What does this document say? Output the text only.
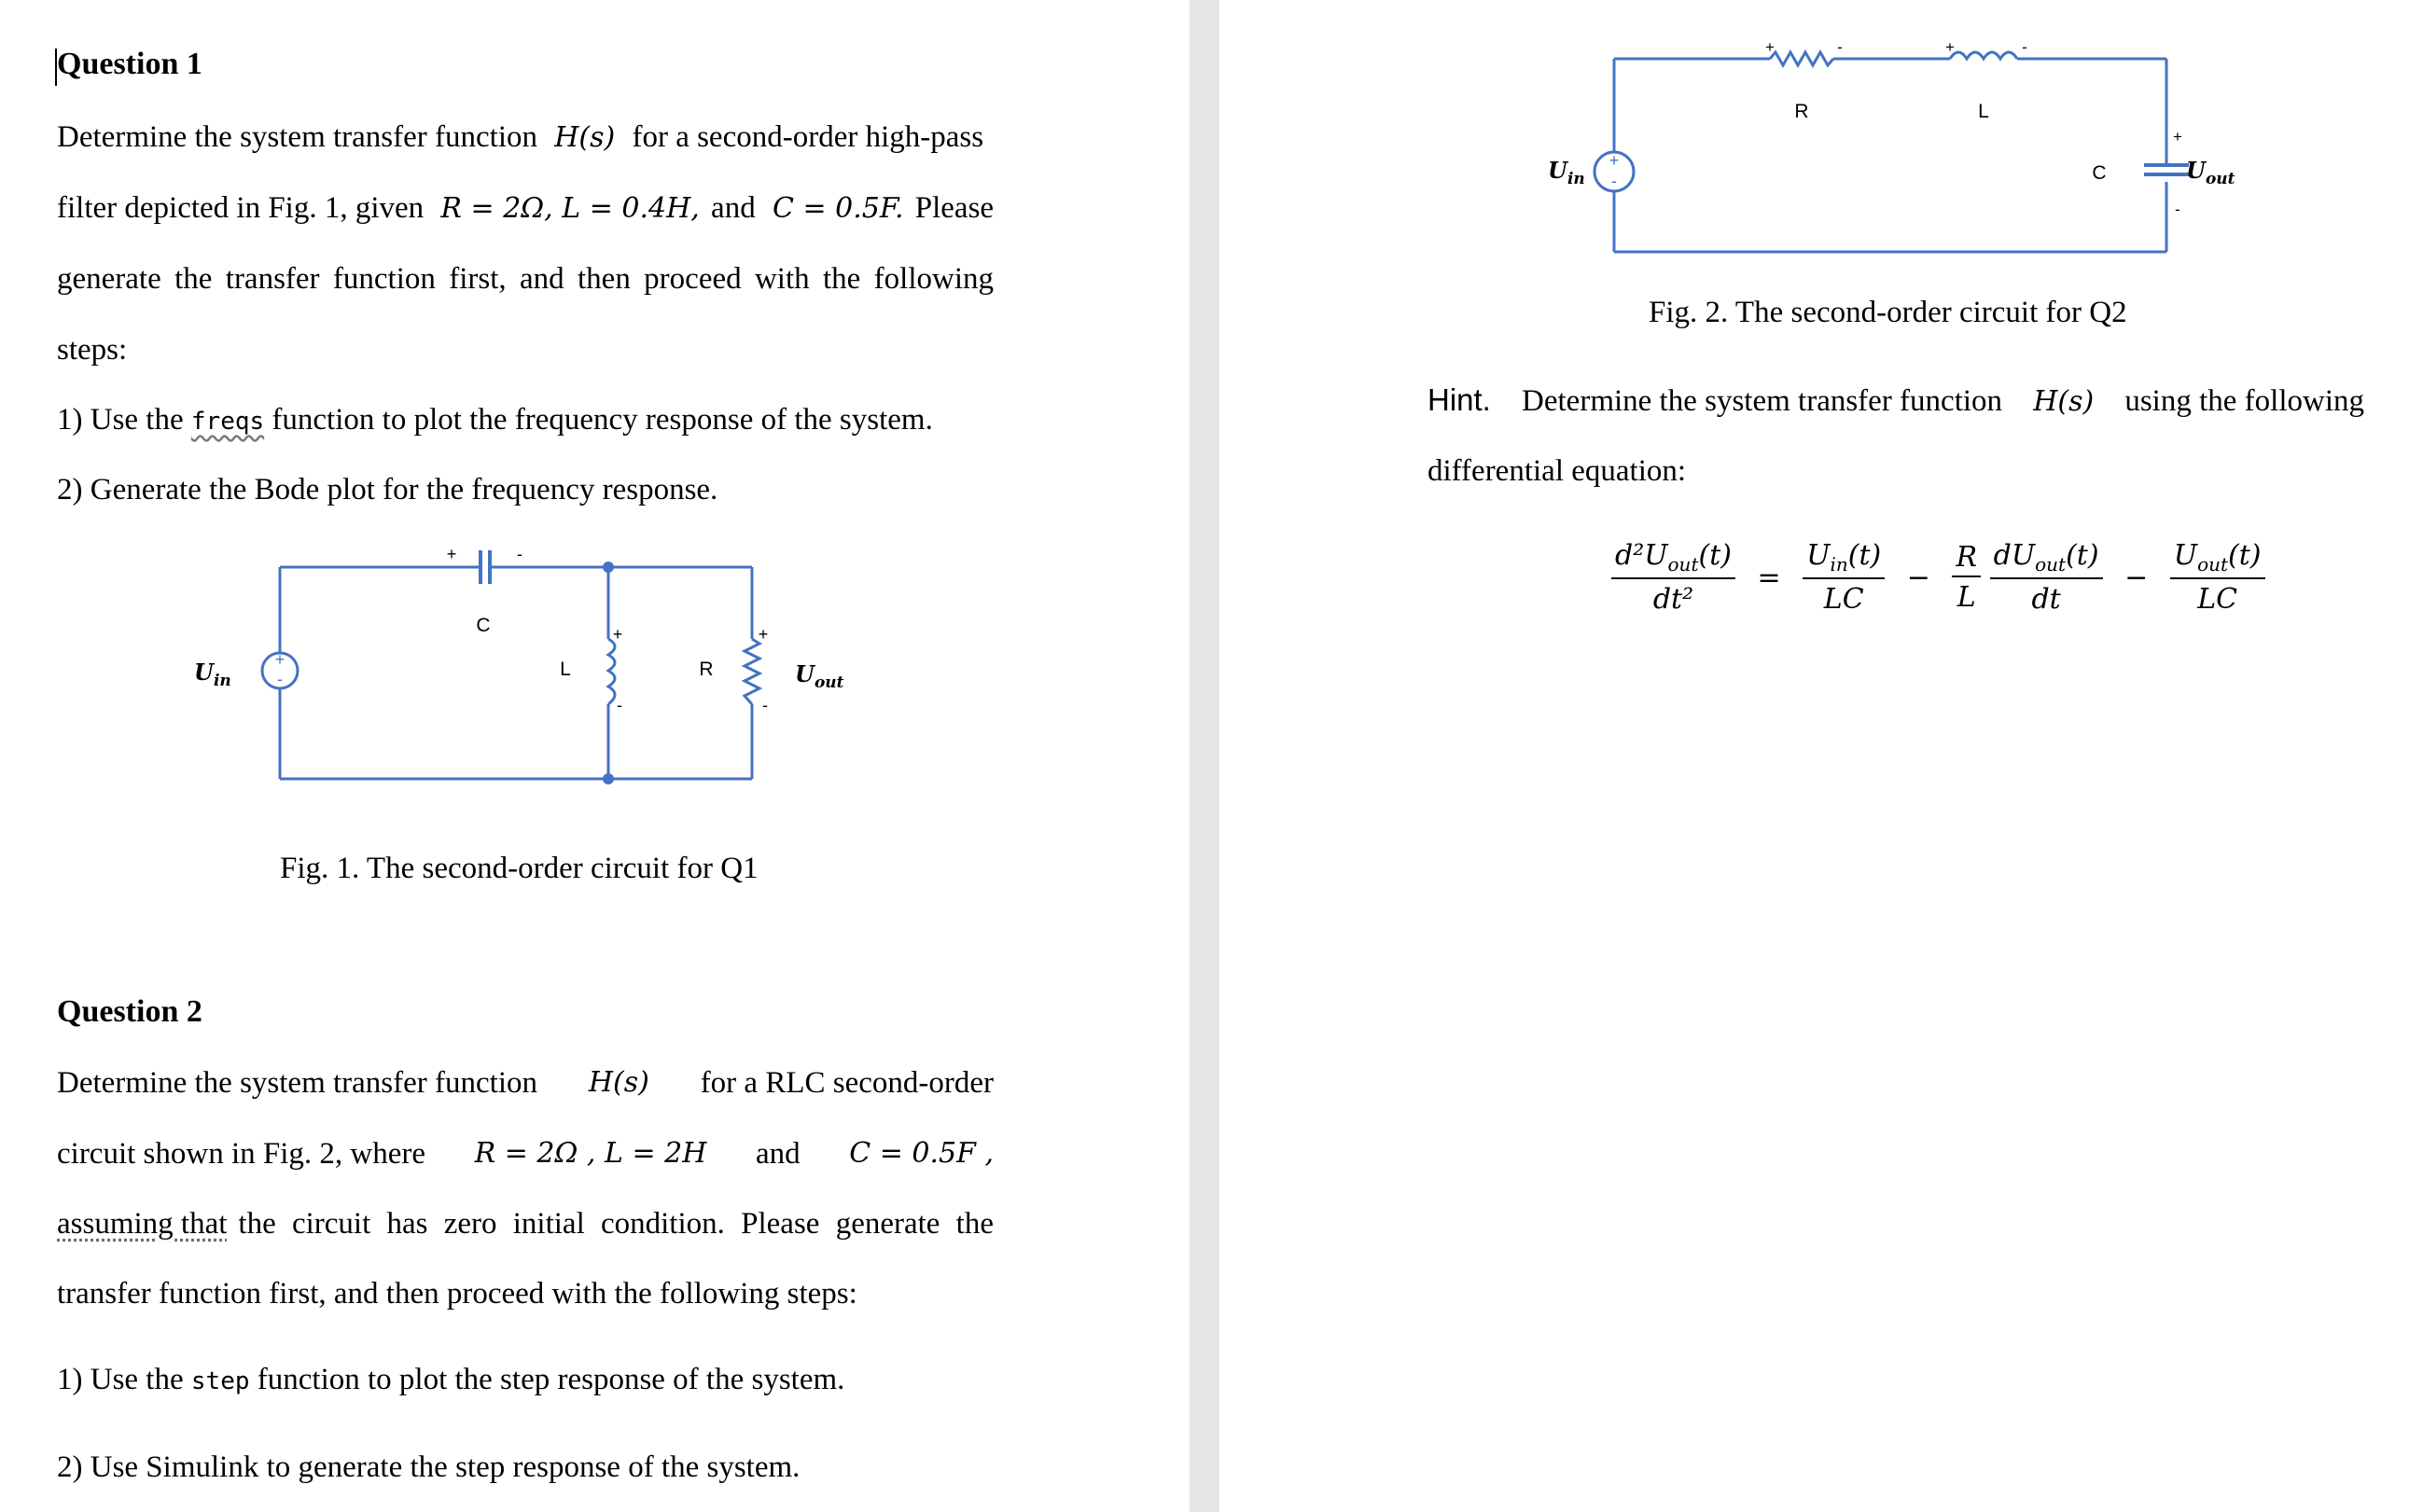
Question 1
Determine the system transfer function H(s) for a second-order high-pass
filter depicted in Fig. 1, given R = 2Ω, L = 0.4H, and C = 0.5F. Please
generate the transfer function first, and then proceed with the following
steps:
1) Use the freqs function to plot the frequency response of the system.
2) Generate the Bode plot for the frequency response.
+
-
+	-
C
L
+
-
R
+
-
$U_{in}$	$U_{out}$
Fig. 1. The second-order circuit for Q1
Question 2
Determine the system transfer function H(s) for a RLC second-order
circuit shown in Fig. 2, where R = 2Ω , L = 2H and C = 0.5F ,
assuming that the circuit has zero initial condition. Please generate the
transfer function first, and then proceed with the following steps:
1) Use the step function to plot the step response of the system.
2) Use Simulink to generate the step response of the system.
+
-
+	-
R
+	-
L
C
+
-
$U_{in}$	$U_{out}$
Fig. 2. The second-order circuit for Q2
Hint. Determine the system transfer function H(s) using the following
differential equation:
$\frac{d^2U_{out}(t)}{\text{dt²}} = \frac{U_{in}(t)}{LC} - \frac{R}{L}$
$\frac{dU_{out}(t)}{dt} - \frac{U_{out}(t)}{LC}$
